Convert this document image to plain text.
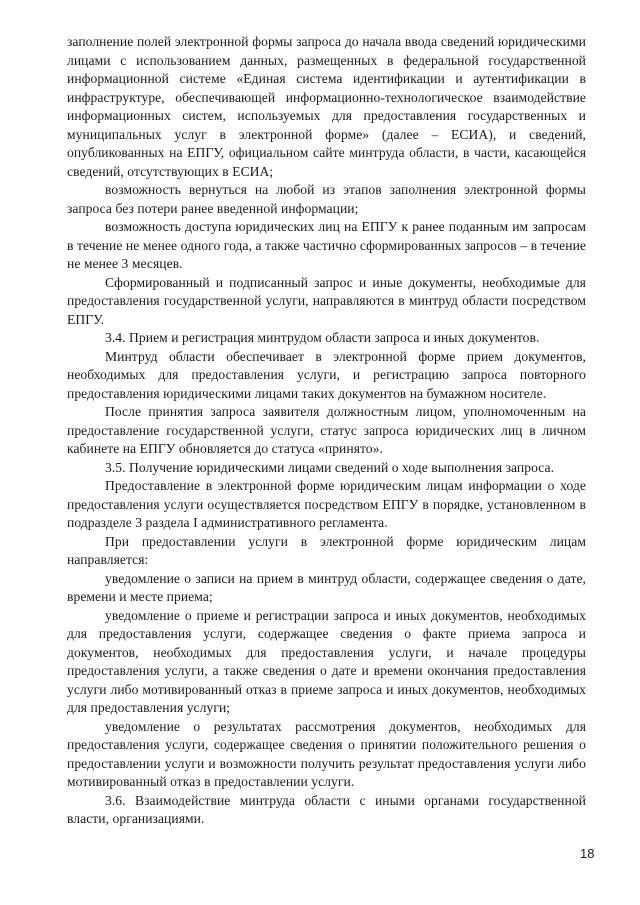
заполнение полей электронной формы запроса до начала ввода сведений юридическими лицами с использованием данных, размещенных в федеральной государственной информационной системе «Единая система идентификации и аутентификации в инфраструктуре, обеспечивающей информационно-технологическое взаимодействие информационных систем, используемых для предоставления государственных и муниципальных услуг в электронной форме» (далее – ЕСИА), и сведений, опубликованных на ЕПГУ, официальном сайте минтруда области, в части, касающейся сведений, отсутствующих в ЕСИА;

возможность вернуться на любой из этапов заполнения электронной формы запроса без потери ранее введенной информации;

возможность доступа юридических лиц на ЕПГУ к ранее поданным им запросам в течение не менее одного года, а также частично сформированных запросов – в течение не менее 3 месяцев.

Сформированный и подписанный запрос и иные документы, необходимые для предоставления государственной услуги, направляются в минтруд области посредством ЕПГУ.

3.4. Прием и регистрация минтрудом области запроса и иных документов.

Минтруд области обеспечивает в электронной форме прием документов, необходимых для предоставления услуги, и регистрацию запроса повторного предоставления юридическими лицами таких документов на бумажном носителе.

После принятия запроса заявителя должностным лицом, уполномоченным на предоставление государственной услуги, статус запроса юридических лиц в личном кабинете на ЕПГУ обновляется до статуса «принято».

3.5. Получение юридическими лицами сведений о ходе выполнения запроса.

Предоставление в электронной форме юридическим лицам информации о ходе предоставления услуги осуществляется посредством ЕПГУ в порядке, установленном в подразделе 3 раздела I административного регламента.

При предоставлении услуги в электронной форме юридическим лицам направляется:

уведомление о записи на прием в минтруд области, содержащее сведения о дате, времени и месте приема;

уведомление о приеме и регистрации запроса и иных документов, необходимых для предоставления услуги, содержащее сведения о факте приема запроса и документов, необходимых для предоставления услуги, и начале процедуры предоставления услуги, а также сведения о дате и времени окончания предоставления услуги либо мотивированный отказ в приеме запроса и иных документов, необходимых для предоставления услуги;

уведомление о результатах рассмотрения документов, необходимых для предоставления услуги, содержащее сведения о принятии положительного решения о предоставлении услуги и возможности получить результат предоставления услуги либо мотивированный отказ в предоставлении услуги.

3.6. Взаимодействие минтруда области с иными органами государственной власти, организациями.

18
